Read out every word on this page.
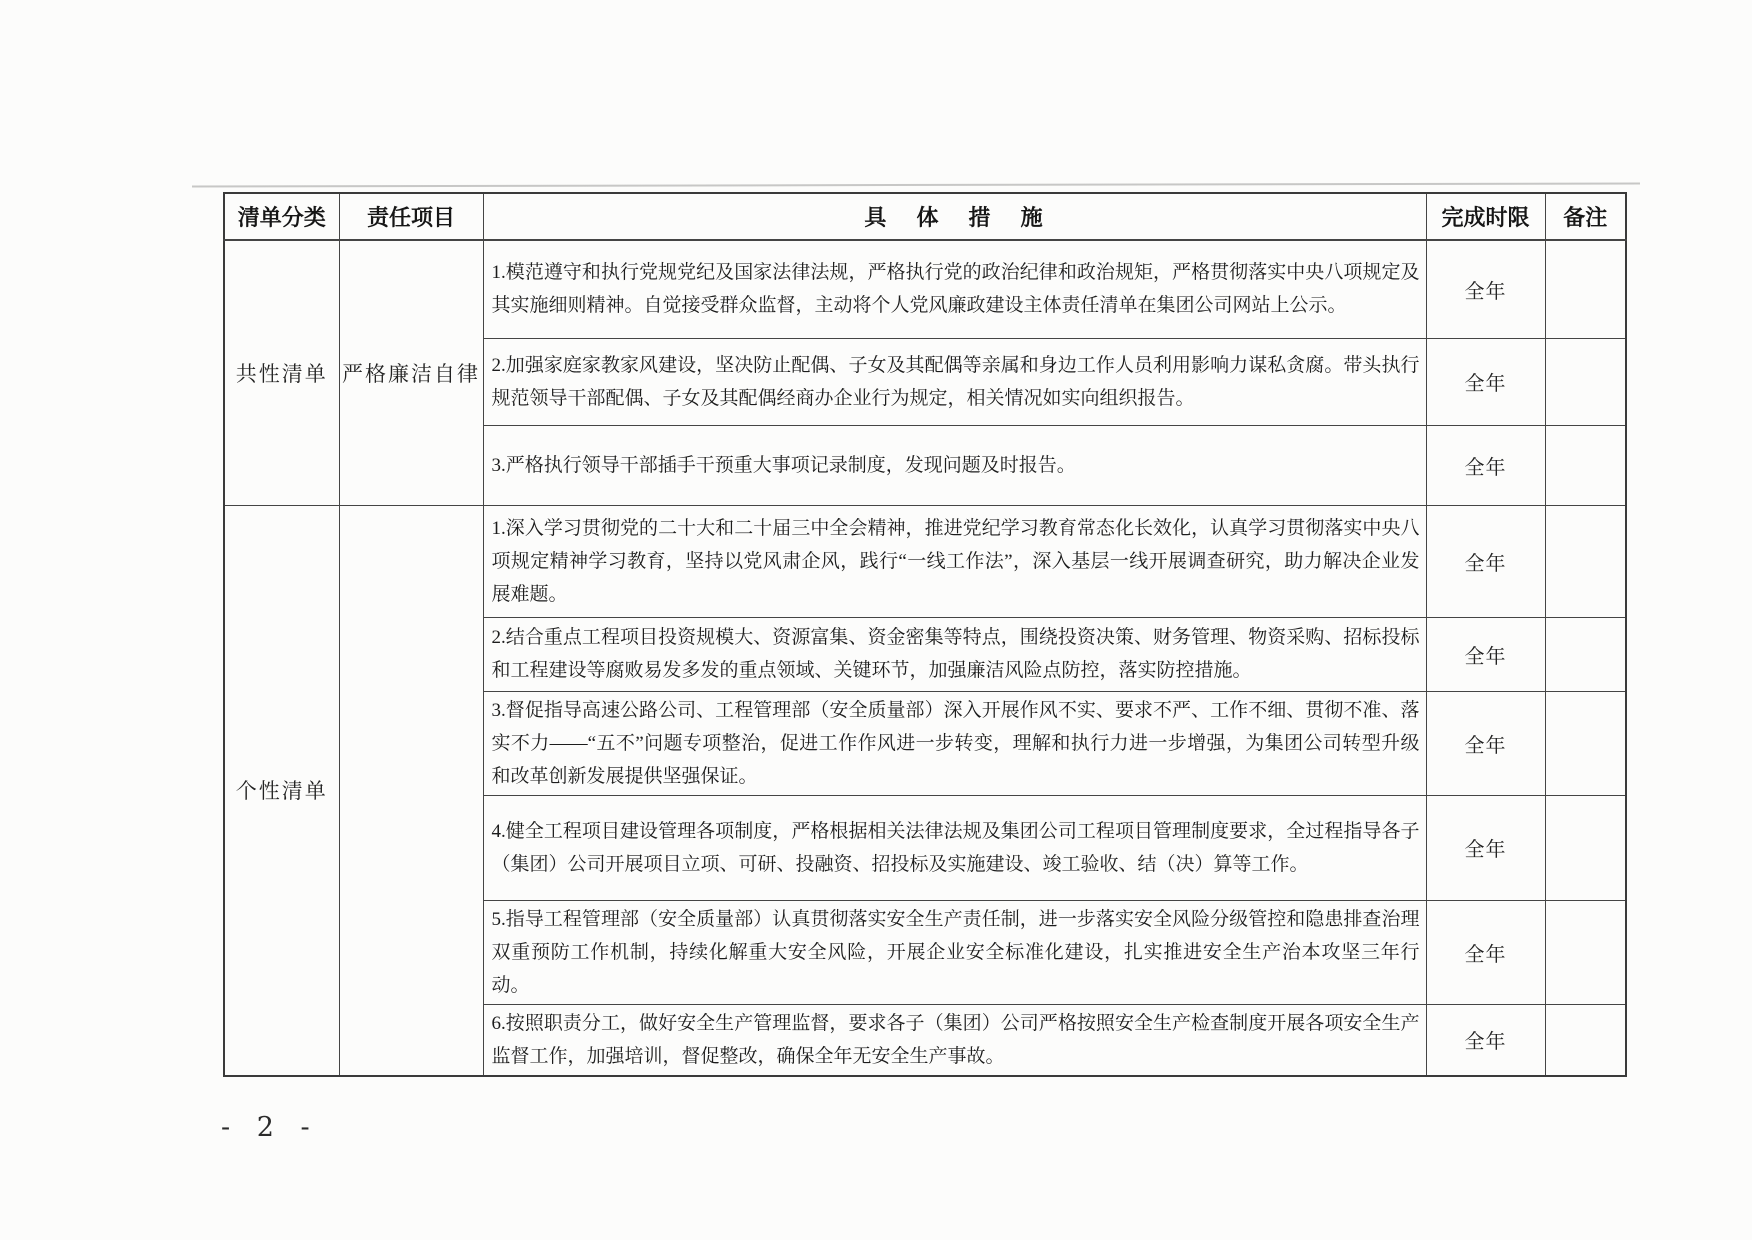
清单分类	责任项目	具 体 措 施	完成时限	备注
共性清单	严格廉洁自律	1.模范遵守和执行党规党纪及国家法律法规，严格执行党的政治纪律和政治规矩，严格贯彻落实中央八项规定及其实施细则精神。自觉接受群众监督，主动将个人党风廉政建设主体责任清单在集团公司网站上公示。	全年	
		2.加强家庭家教家风建设，坚决防止配偶、子女及其配偶等亲属和身边工作人员利用影响力谋私贪腐。带头执行规范领导干部配偶、子女及其配偶经商办企业行为规定，相关情况如实向组织报告。	全年	
		3.严格执行领导干部插手干预重大事项记录制度，发现问题及时报告。	全年	
个性清单		1.深入学习贯彻党的二十大和二十届三中全会精神，推进党纪学习教育常态化长效化，认真学习贯彻落实中央八项规定精神学习教育，坚持以党风肃企风，践行“一线工作法”，深入基层一线开展调查研究，助力解决企业发展难题。	全年	
		2.结合重点工程项目投资规模大、资源富集、资金密集等特点，围绕投资决策、财务管理、物资采购、招标投标和工程建设等腐败易发多发的重点领域、关键环节，加强廉洁风险点防控，落实防控措施。	全年	
		3.督促指导高速公路公司、工程管理部（安全质量部）深入开展作风不实、要求不严、工作不细、贯彻不准、落实不力——“五不”问题专项整治，促进工作作风进一步转变，理解和执行力进一步增强，为集团公司转型升级和改革创新发展提供坚强保证。	全年	
		4.健全工程项目建设管理各项制度，严格根据相关法律法规及集团公司工程项目管理制度要求，全过程指导各子（集团）公司开展项目立项、可研、投融资、招投标及实施建设、竣工验收、结（决）算等工作。	全年	
		5.指导工程管理部（安全质量部）认真贯彻落实安全生产责任制，进一步落实安全风险分级管控和隐患排查治理双重预防工作机制，持续化解重大安全风险，开展企业安全标准化建设，扎实推进安全生产治本攻坚三年行动。	全年	
		6.按照职责分工，做好安全生产管理监督，要求各子（集团）公司严格按照安全生产检查制度开展各项安全生产监督工作，加强培训，督促整改，确保全年无安全生产事故。	全年	
- 2 -
